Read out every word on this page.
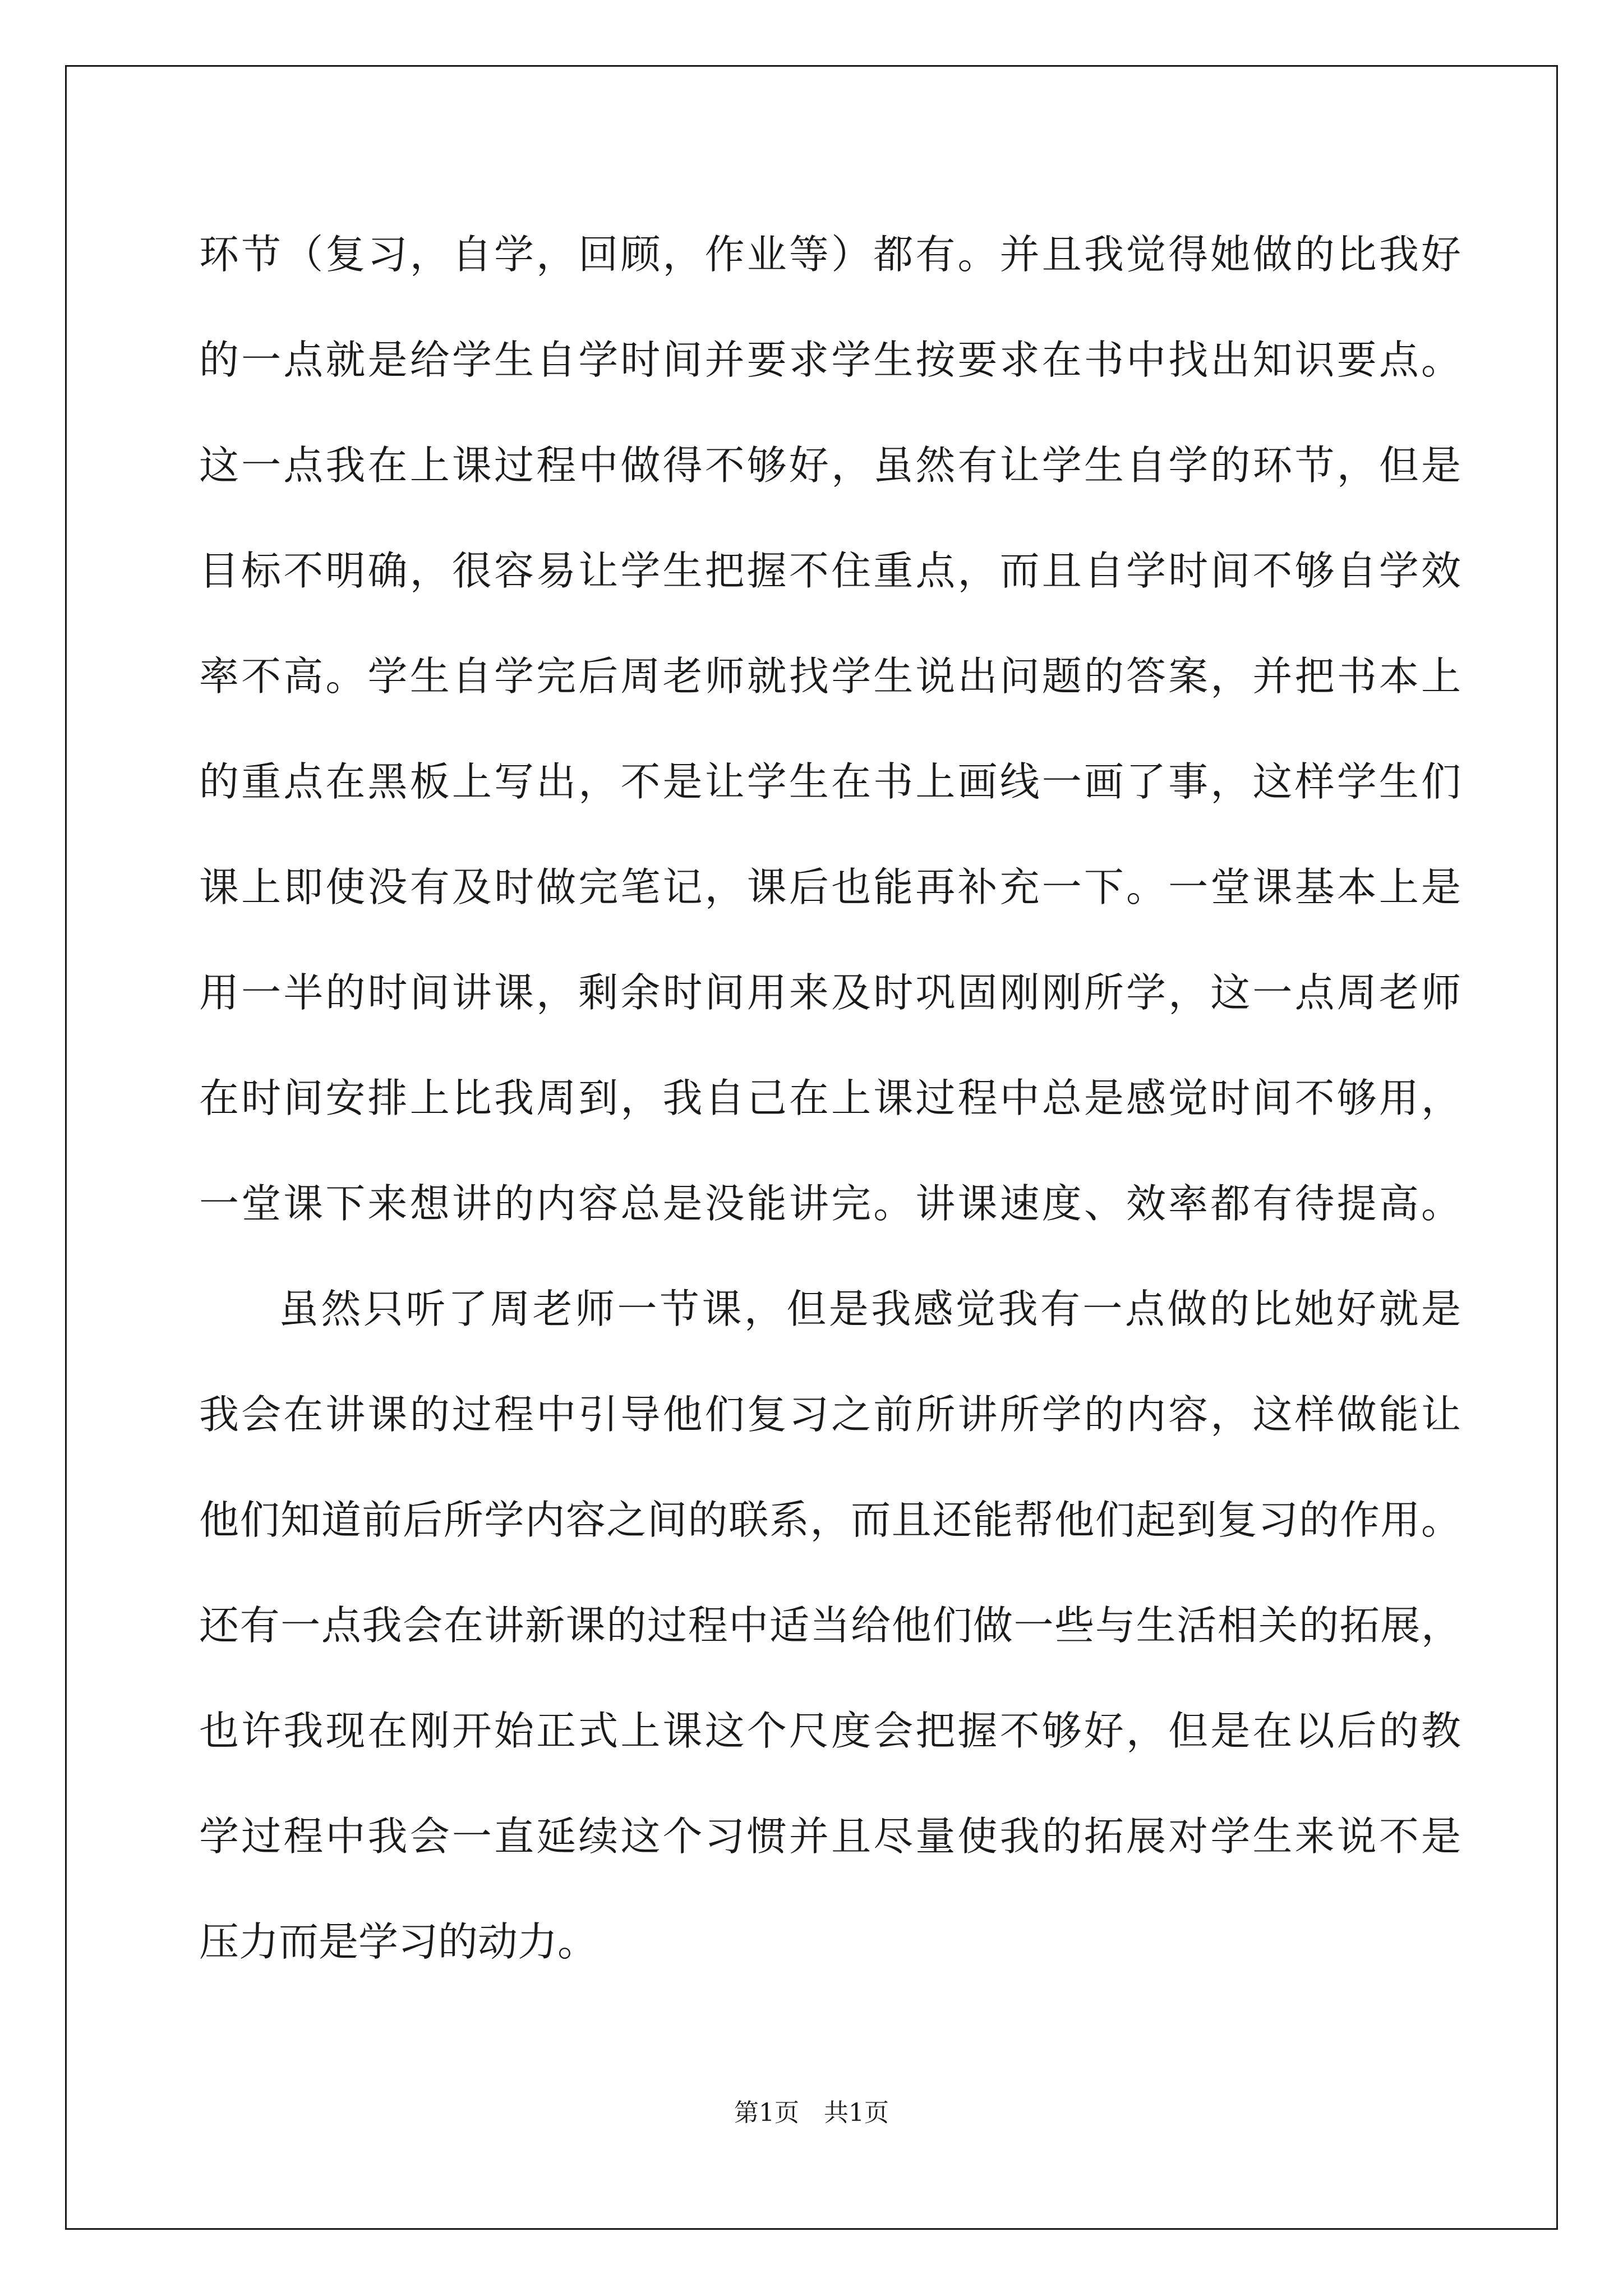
环节（复习，自学，回顾，作业等）都有。并且我觉得她做的比我好
的一点就是给学生自学时间并要求学生按要求在书中找出知识要点。
这一点我在上课过程中做得不够好，虽然有让学生自学的环节，但是
目标不明确，很容易让学生把握不住重点，而且自学时间不够自学效
率不高。学生自学完后周老师就找学生说出问题的答案，并把书本上
的重点在黑板上写出，不是让学生在书上画线一画了事，这样学生们
课上即使没有及时做完笔记，课后也能再补充一下。一堂课基本上是
用一半的时间讲课，剩余时间用来及时巩固刚刚所学，这一点周老师
在时间安排上比我周到，我自己在上课过程中总是感觉时间不够用，
一堂课下来想讲的内容总是没能讲完。讲课速度、效率都有待提高。
虽然只听了周老师一节课，但是我感觉我有一点做的比她好就是
我会在讲课的过程中引导他们复习之前所讲所学的内容，这样做能让
他们知道前后所学内容之间的联系，而且还能帮他们起到复习的作用。
还有一点我会在讲新课的过程中适当给他们做一些与生活相关的拓展，
也许我现在刚开始正式上课这个尺度会把握不够好，但是在以后的教
学过程中我会一直延续这个习惯并且尽量使我的拓展对学生来说不是
压力而是学习的动力。
第1页　共1页
